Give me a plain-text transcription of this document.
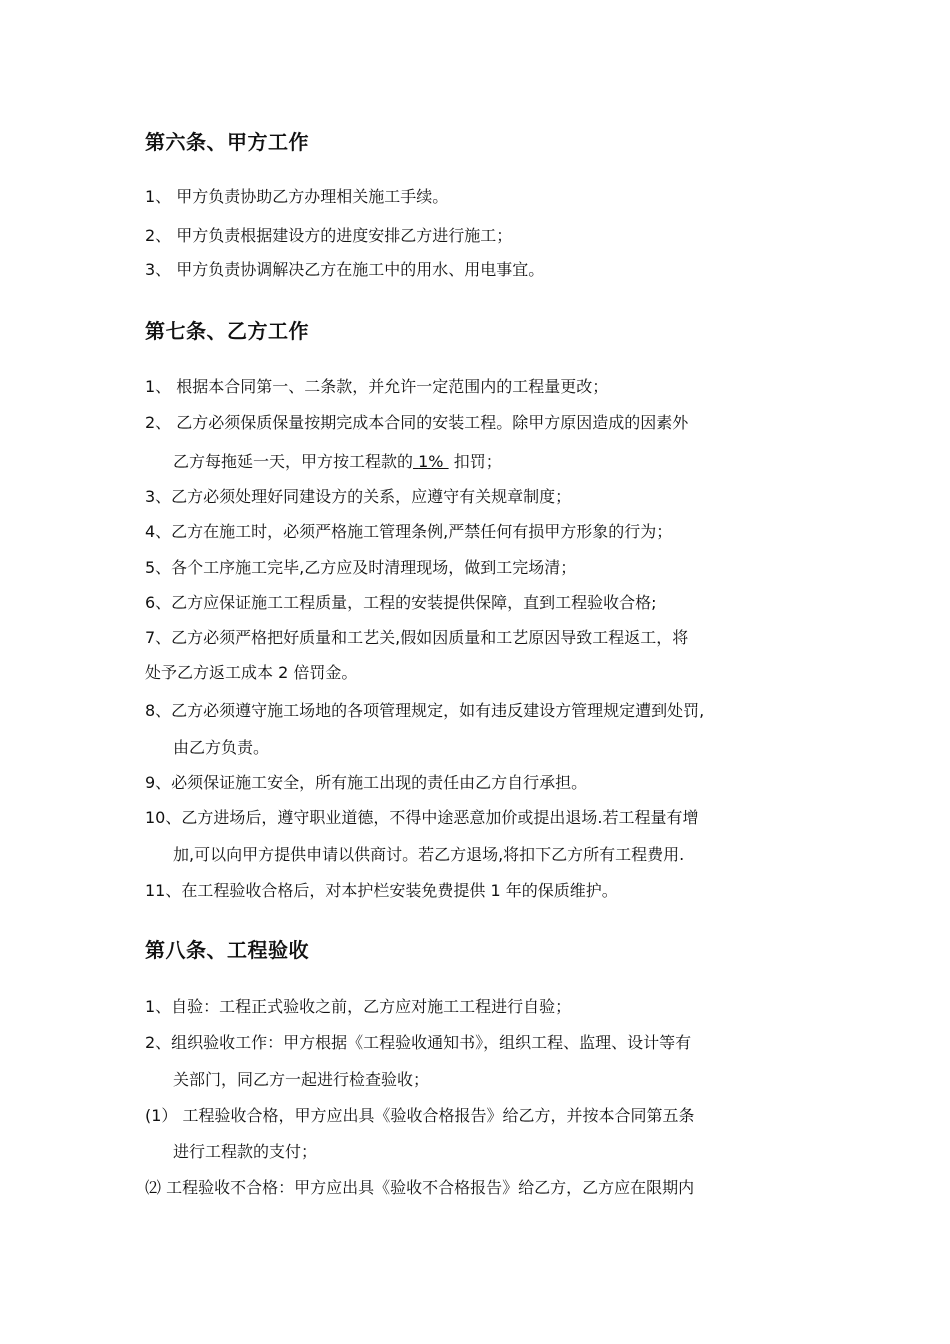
第六条、甲方工作
1、 甲方负责协助乙方办理相关施工手续。
2、 甲方负责根据建设方的进度安排乙方进行施工；
3、 甲方负责协调解决乙方在施工中的用水、用电事宜。
第七条、乙方工作
1、 根据本合同第一、二条款，并允许一定范围内的工程量更改；
2、 乙方必须保质保量按期完成本合同的安装工程。除甲方原因造成的因素外
乙方每拖延一天，甲方按工程款的 1% 扣罚；
3、乙方必须处理好同建设方的关系，应遵守有关规章制度；
4、乙方在施工时，必须严格施工管理条例,严禁任何有损甲方形象的行为；
5、各个工序施工完毕,乙方应及时清理现场，做到工完场清；
6、乙方应保证施工工程质量，工程的安装提供保障，直到工程验收合格;
7、乙方必须严格把好质量和工艺关,假如因质量和工艺原因导致工程返工，将
处予乙方返工成本 2 倍罚金。
8、乙方必须遵守施工场地的各项管理规定，如有违反建设方管理规定遭到处罚,
由乙方负责。
9、必须保证施工安全，所有施工出现的责任由乙方自行承担。
10、乙方进场后，遵守职业道德，不得中途恶意加价或提出退场.若工程量有增
加,可以向甲方提供申请以供商讨。若乙方退场,将扣下乙方所有工程费用.
11、在工程验收合格后，对本护栏安装免费提供 1 年的保质维护。
第八条、工程验收
1、自验：工程正式验收之前，乙方应对施工工程进行自验；
2、组织验收工作：甲方根据《工程验收通知书》，组织工程、监理、设计等有
关部门，同乙方一起进行检查验收；
(1） 工程验收合格，甲方应出具《验收合格报告》给乙方，并按本合同第五条
进行工程款的支付；
⑵ 工程验收不合格：甲方应出具《验收不合格报告》给乙方，乙方应在限期内
